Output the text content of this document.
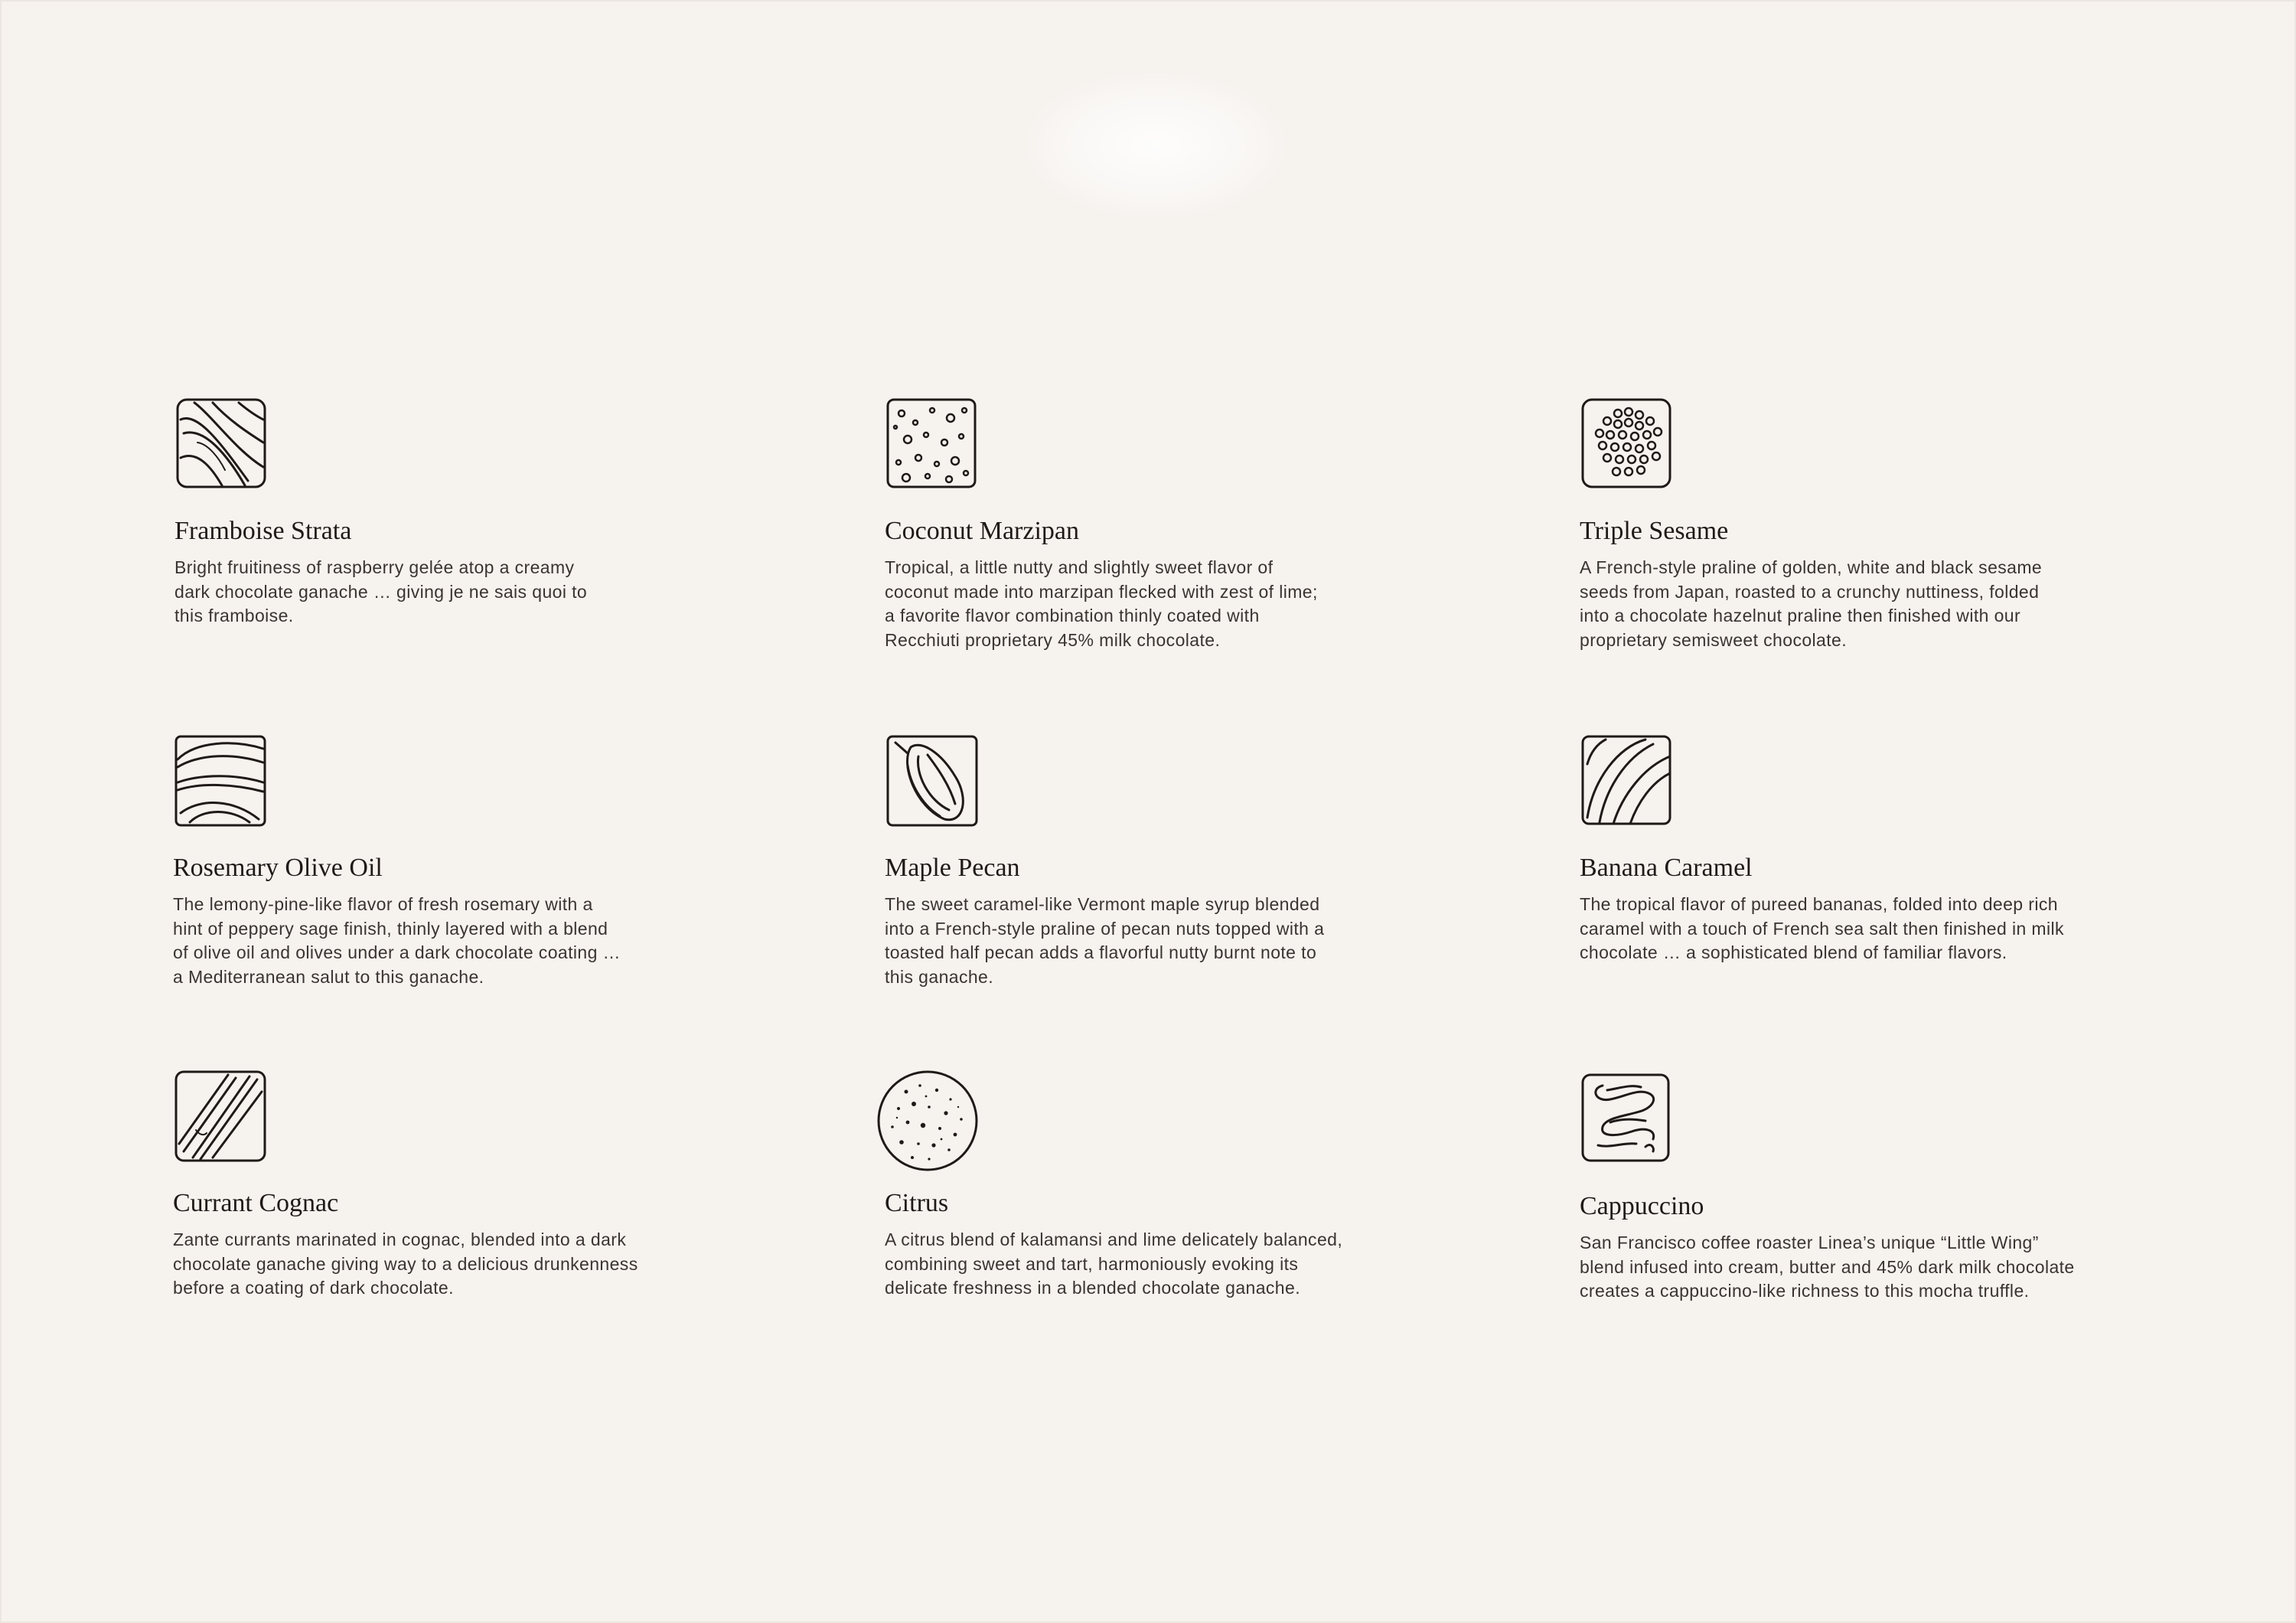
Framboise Strata

Bright fruitiness of raspberry gelée atop a creamy
dark chocolate ganache … giving je ne sais quoi to
this framboise.

Coconut Marzipan

Tropical, a little nutty and slightly sweet flavor of
coconut made into marzipan flecked with zest of lime;
a favorite flavor combination thinly coated with
Recchiuti proprietary 45% milk chocolate.

Triple Sesame

A French-style praline of golden, white and black sesame
seeds from Japan, roasted to a crunchy nuttiness, folded
into a chocolate hazelnut praline then finished with our
proprietary semisweet chocolate.

Rosemary Olive Oil

The lemony-pine-like flavor of fresh rosemary with a
hint of peppery sage finish, thinly layered with a blend
of olive oil and olives under a dark chocolate coating …
a Mediterranean salut to this ganache.

Maple Pecan

The sweet caramel-like Vermont maple syrup blended
into a French-style praline of pecan nuts topped with a
toasted half pecan adds a flavorful nutty burnt note to
this ganache.

Banana Caramel

The tropical flavor of pureed bananas, folded into deep rich
caramel with a touch of French sea salt then finished in milk
chocolate … a sophisticated blend of familiar flavors.

Currant Cognac

Zante currants marinated in cognac, blended into a dark
chocolate ganache giving way to a delicious drunkenness
before a coating of dark chocolate.

Citrus

A citrus blend of kalamansi and lime delicately balanced,
combining sweet and tart, harmoniously evoking its
delicate freshness in a blended chocolate ganache.

Cappuccino

San Francisco coffee roaster Linea’s unique “Little Wing”
blend infused into cream, butter and 45% dark milk chocolate
creates a cappuccino-like richness to this mocha truffle.
